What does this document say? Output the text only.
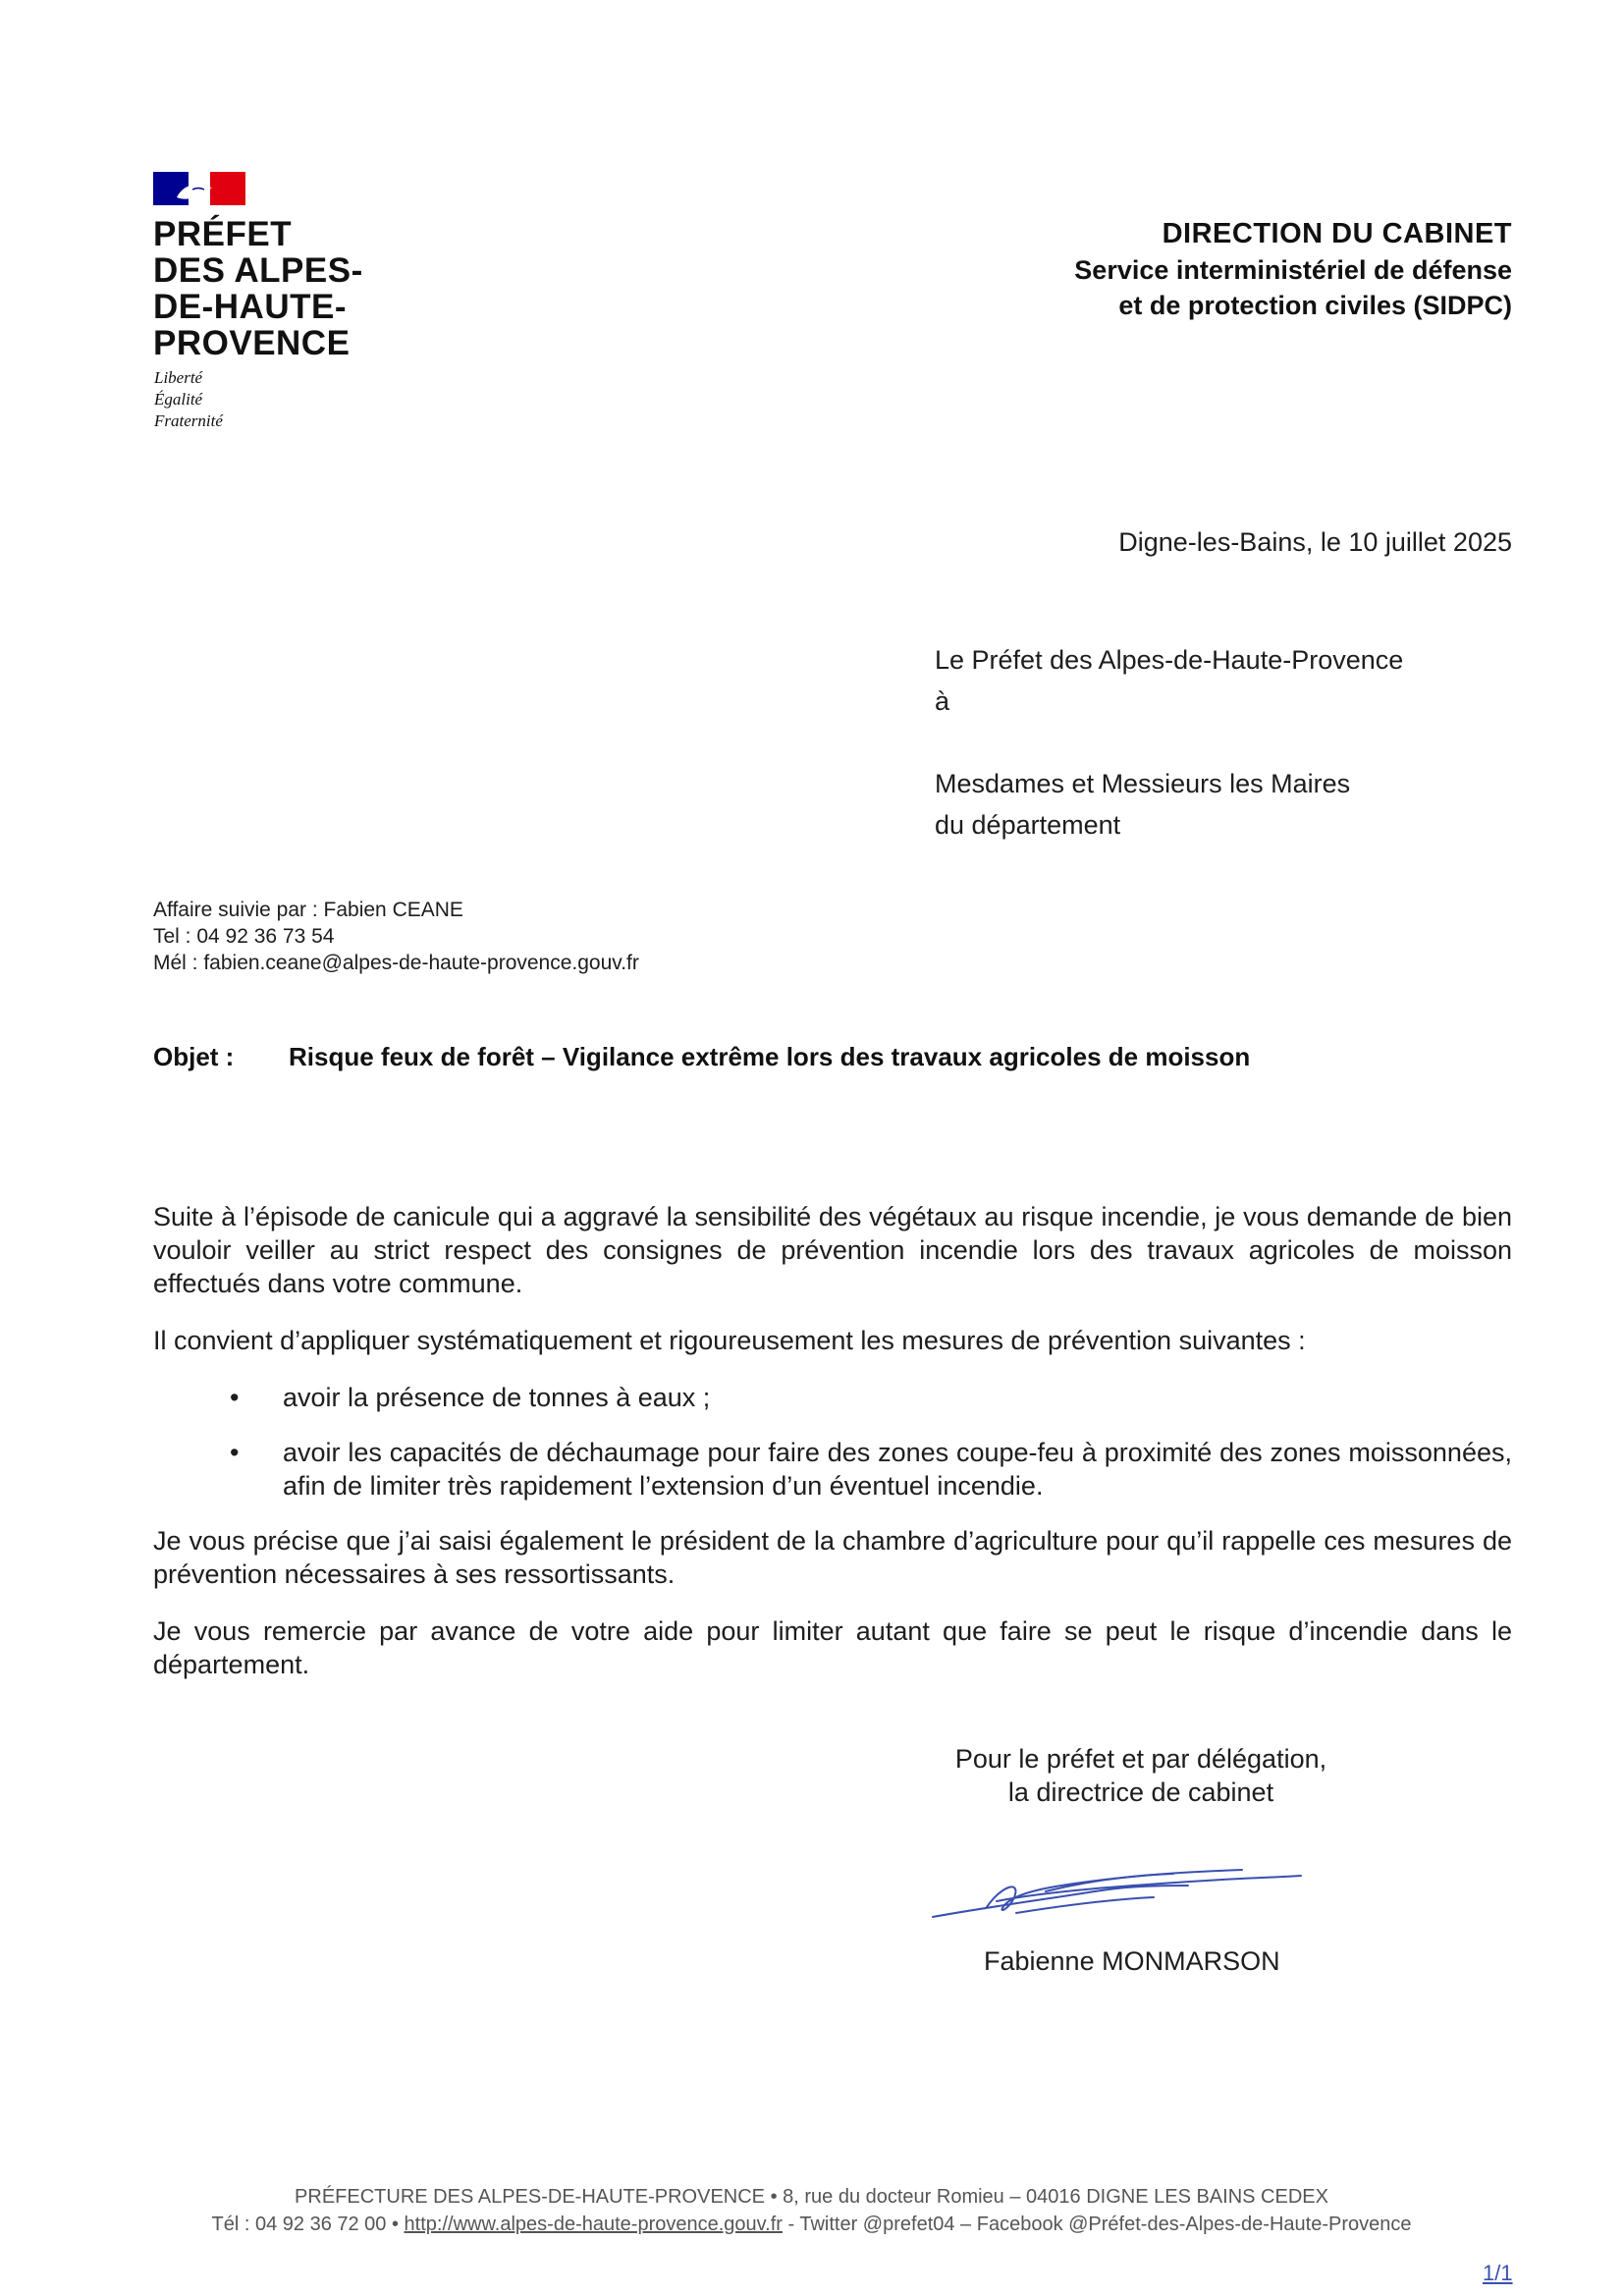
PRÉFET
DES ALPES-
DE-HAUTE-
PROVENCE
Liberté
Égalité
Fraternité
DIRECTION DU CABINET
Service interministériel de défense
et de protection civiles (SIDPC)
Digne-les-Bains, le 10 juillet 2025
Le Préfet des Alpes-de-Haute-Provence
à
Mesdames et Messieurs les Maires
du département
Affaire suivie par : Fabien CEANE
Tel : 04 92 36 73 54
Mél : fabien.ceane@alpes-de-haute-provence.gouv.fr
Objet : Risque feux de forêt – Vigilance extrême lors des travaux agricoles de moisson

Suite à l’épisode de canicule qui a aggravé la sensibilité des végétaux au risque incendie, je vous demande de bien vouloir veiller au strict respect des consignes de prévention incendie lors des travaux agricoles de moisson effectués dans votre commune.

Il convient d’appliquer systématiquement et rigoureusement les mesures de prévention suivantes :

• avoir la présence de tonnes à eaux ;
• avoir les capacités de déchaumage pour faire des zones coupe-feu à proximité des zones moissonnées, afin de limiter très rapidement l’extension d’un éventuel incendie.

Je vous précise que j’ai saisi également le président de la chambre d’agriculture pour qu’il rappelle ces mesures de prévention nécessaires à ses ressortissants.

Je vous remercie par avance de votre aide pour limiter autant que faire se peut le risque d’incendie dans le département.

Pour le préfet et par délégation,
la directrice de cabinet
Fabienne MONMARSON
PRÉFECTURE DES ALPES-DE-HAUTE-PROVENCE • 8, rue du docteur Romieu – 04016 DIGNE LES BAINS CEDEX
Tél : 04 92 36 72 00 • http://www.alpes-de-haute-provence.gouv.fr - Twitter @prefet04 – Facebook @Préfet-des-Alpes-de-Haute-Provence
1/1
